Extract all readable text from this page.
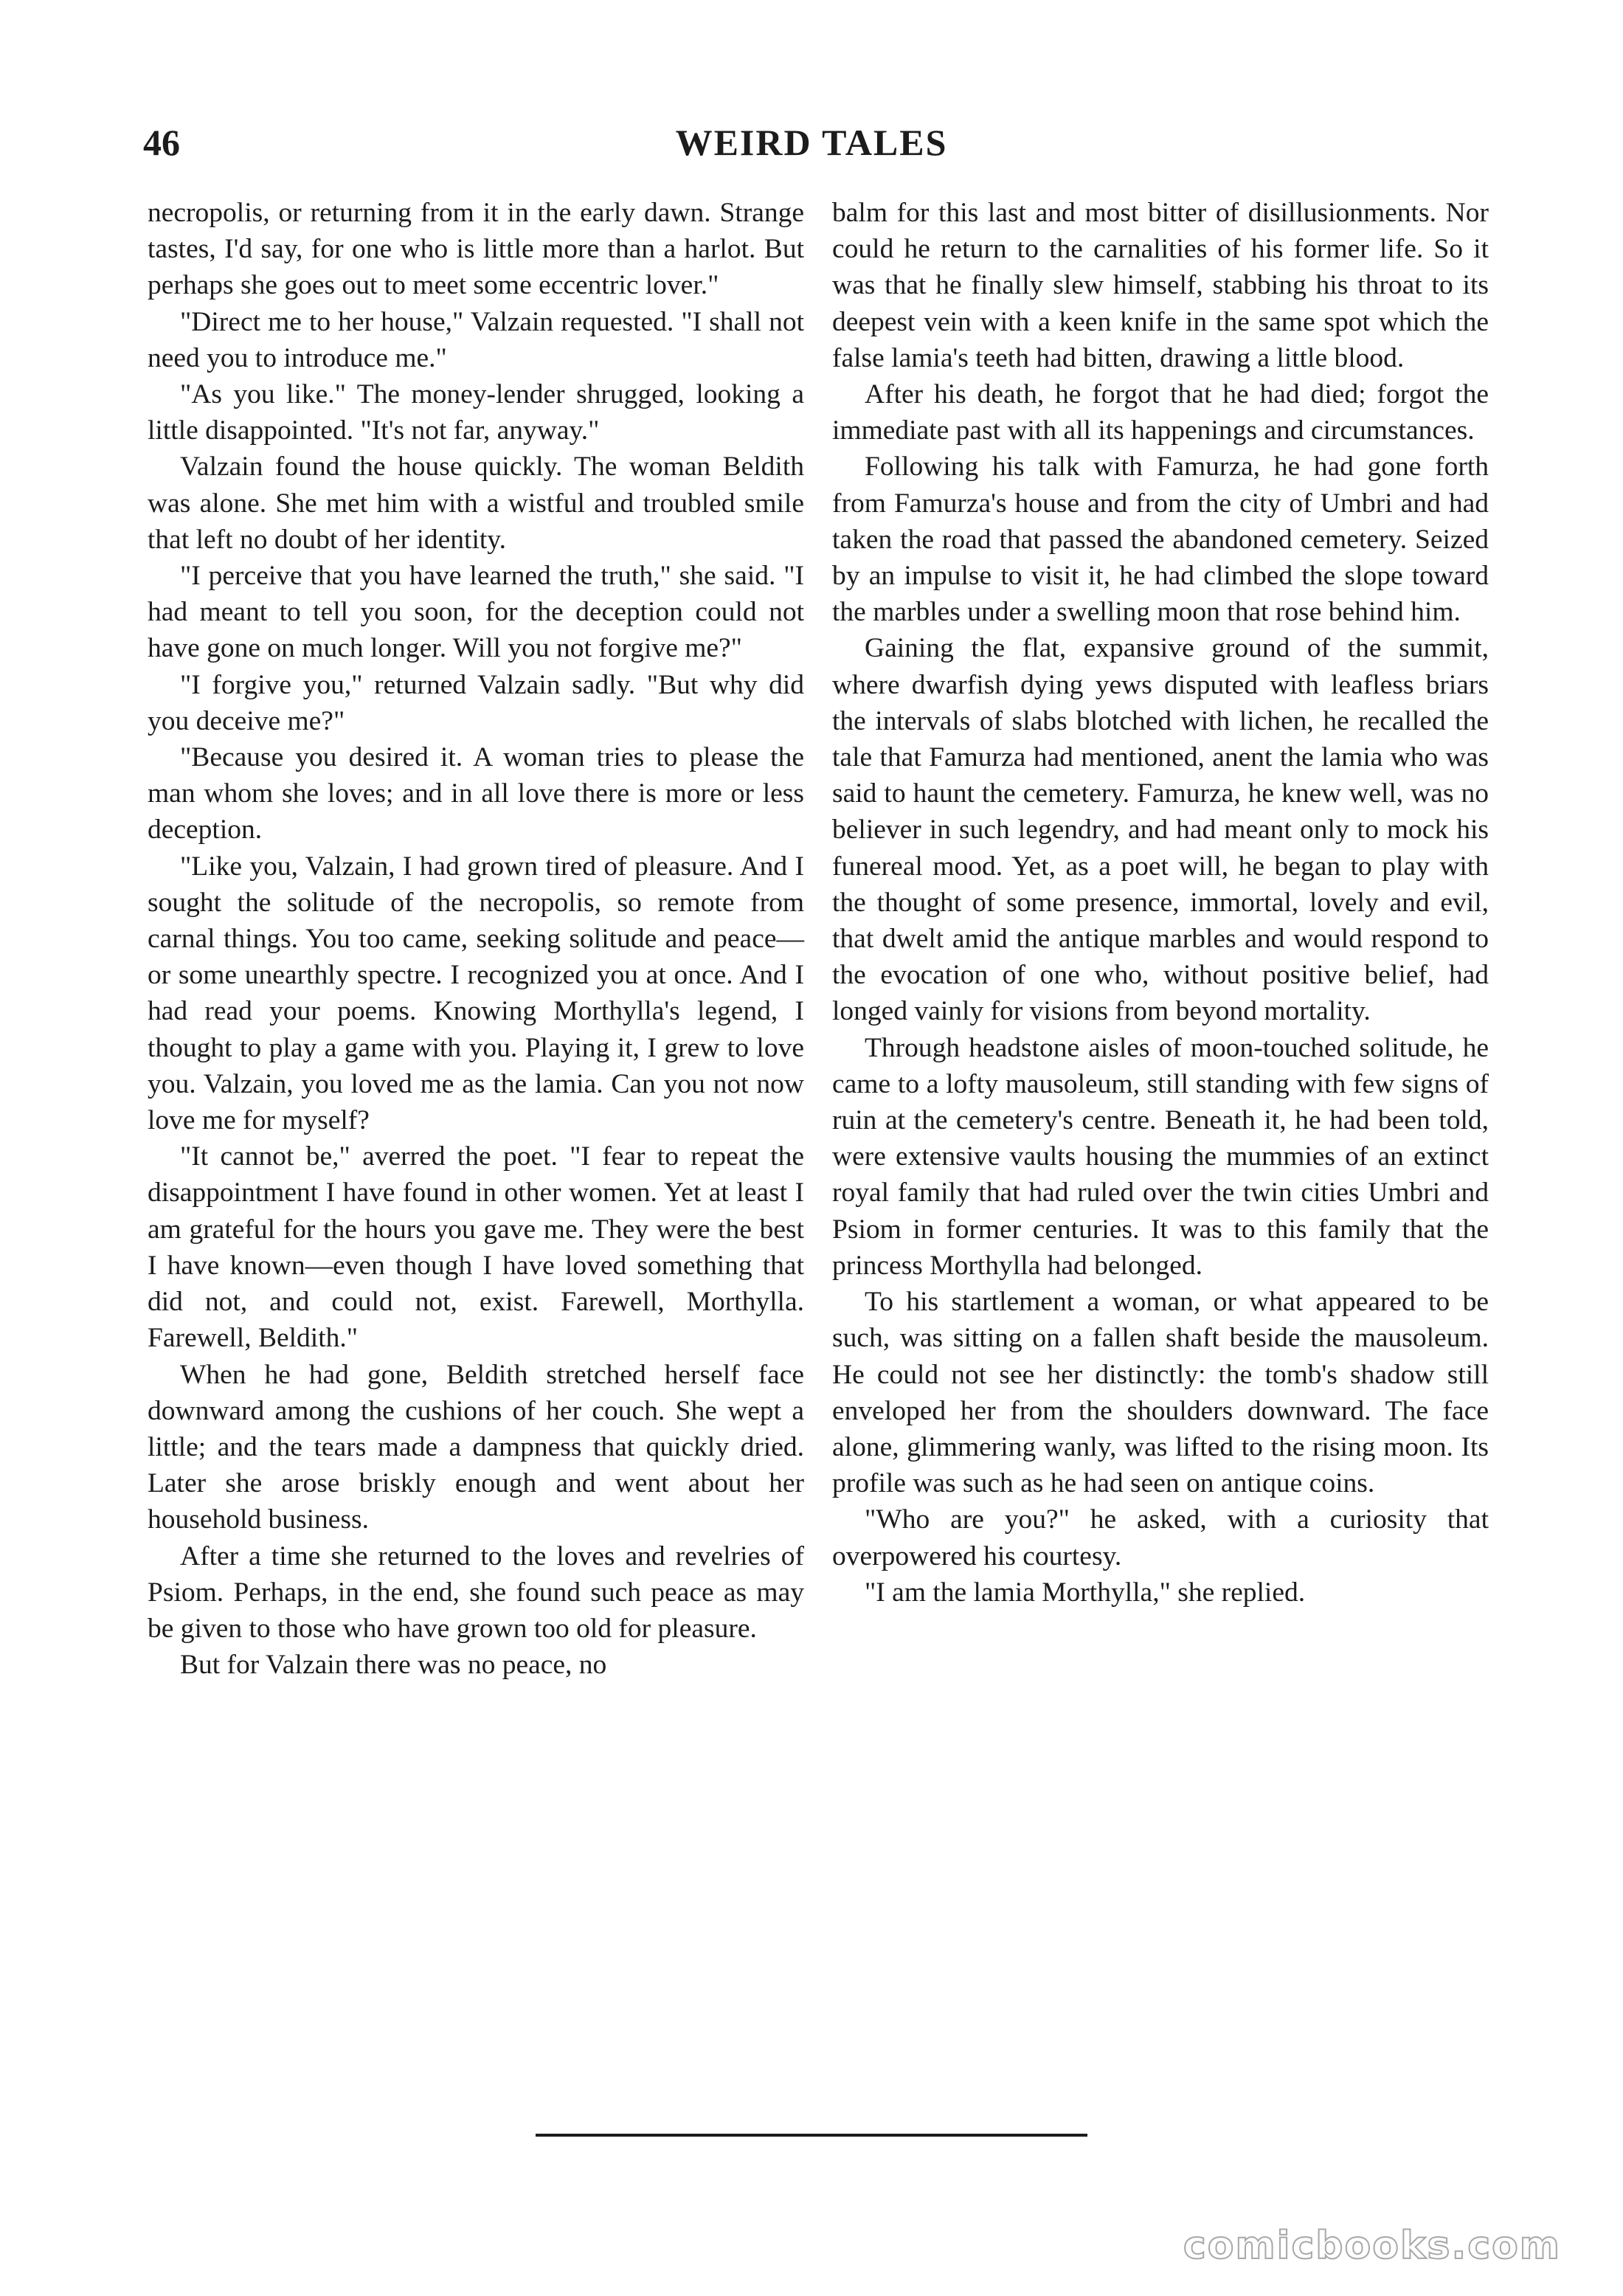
46	WEIRD TALES

necropolis, or returning from it in the early dawn. Strange tastes, I'd say, for one who is little more than a harlot. But perhaps she goes out to meet some eccentric lover."

"Direct me to her house," Valzain requested. "I shall not need you to introduce me."

"As you like." The money-lender shrugged, looking a little disappointed. "It's not far, anyway."

Valzain found the house quickly. The woman Beldith was alone. She met him with a wistful and troubled smile that left no doubt of her identity.

"I perceive that you have learned the truth," she said. "I had meant to tell you soon, for the deception could not have gone on much longer. Will you not forgive me?"

"I forgive you," returned Valzain sadly. "But why did you deceive me?"

"Because you desired it. A woman tries to please the man whom she loves; and in all love there is more or less deception.

"Like you, Valzain, I had grown tired of pleasure. And I sought the solitude of the necropolis, so remote from carnal things. You too came, seeking solitude and peace—or some unearthly spectre. I recognized you at once. And I had read your poems. Knowing Morthylla's legend, I thought to play a game with you. Playing it, I grew to love you. Valzain, you loved me as the lamia. Can you not now love me for myself?

"It cannot be," averred the poet. "I fear to repeat the disappointment I have found in other women. Yet at least I am grateful for the hours you gave me. They were the best I have known—even though I have loved something that did not, and could not, exist. Farewell, Morthylla. Farewell, Beldith."

When he had gone, Beldith stretched herself face downward among the cushions of her couch. She wept a little; and the tears made a dampness that quickly dried. Later she arose briskly enough and went about her household business.

After a time she returned to the loves and revelries of Psiom. Perhaps, in the end, she found such peace as may be given to those who have grown too old for pleasure.

But for Valzain there was no peace, no

balm for this last and most bitter of disillusionments. Nor could he return to the carnalities of his former life. So it was that he finally slew himself, stabbing his throat to its deepest vein with a keen knife in the same spot which the false lamia's teeth had bitten, drawing a little blood.

After his death, he forgot that he had died; forgot the immediate past with all its happenings and circumstances.

Following his talk with Famurza, he had gone forth from Famurza's house and from the city of Umbri and had taken the road that passed the abandoned cemetery. Seized by an impulse to visit it, he had climbed the slope toward the marbles under a swelling moon that rose behind him.

Gaining the flat, expansive ground of the summit, where dwarfish dying yews disputed with leafless briars the intervals of slabs blotched with lichen, he recalled the tale that Famurza had mentioned, anent the lamia who was said to haunt the cemetery. Famurza, he knew well, was no believer in such legendry, and had meant only to mock his funereal mood. Yet, as a poet will, he began to play with the thought of some presence, immortal, lovely and evil, that dwelt amid the antique marbles and would respond to the evocation of one who, without positive belief, had longed vainly for visions from beyond mortality.

Through headstone aisles of moon-touched solitude, he came to a lofty mausoleum, still standing with few signs of ruin at the cemetery's centre. Beneath it, he had been told, were extensive vaults housing the mummies of an extinct royal family that had ruled over the twin cities Umbri and Psiom in former centuries. It was to this family that the princess Morthylla had belonged.

To his startlement a woman, or what appeared to be such, was sitting on a fallen shaft beside the mausoleum. He could not see her distinctly: the tomb's shadow still enveloped her from the shoulders downward. The face alone, glimmering wanly, was lifted to the rising moon. Its profile was such as he had seen on antique coins.

"Who are you?" he asked, with a curiosity that overpowered his courtesy.

"I am the lamia Morthylla," she replied.

comicbooks.com
